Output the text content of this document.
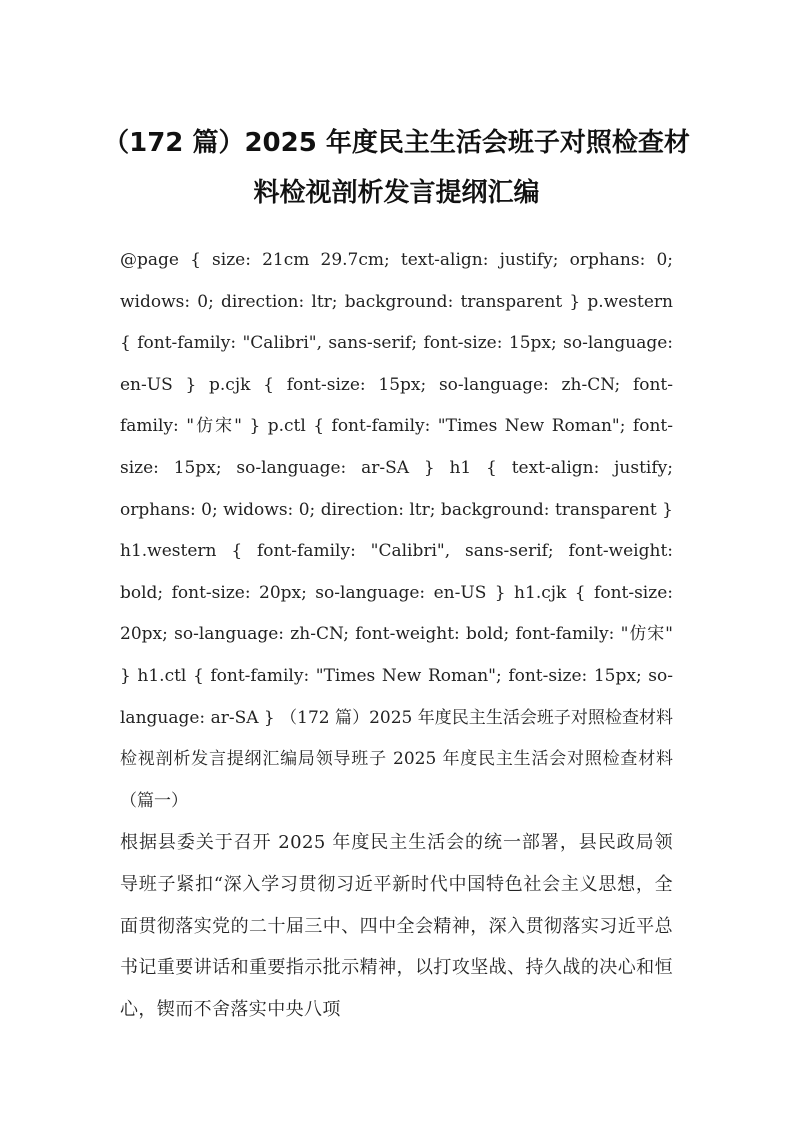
（172 篇）2025 年度民主生活会班子对照检查材料检视剖析发言提纲汇编

@page { size: 21cm 29.7cm; text-align: justify; orphans: 0; widows: 0; direction: ltr; background: transparent } p.western { font-family: "Calibri", sans-serif; font-size: 15px; so-language: en-US } p.cjk { font-size: 15px; so-language: zh-CN; font-family: "仿宋" } p.ctl { font-family: "Times New Roman"; font-size: 15px; so-language: ar-SA } h1 { text-align: justify; orphans: 0; widows: 0; direction: ltr; background: transparent } h1.western { font-family: "Calibri", sans-serif; font-weight: bold; font-size: 20px; so-language: en-US } h1.cjk { font-size: 20px; so-language: zh-CN; font-weight: bold; font-family: "仿宋" } h1.ctl { font-family: "Times New Roman"; font-size: 15px; so-language: ar-SA } （172 篇）2025 年度民主生活会班子对照检查材料检视剖析发言提纲汇编局领导班子 2025 年度民主生活会对照检查材料（篇一）

根据县委关于召开 2025 年度民主生活会的统一部署，县民政局领导班子紧扣“深入学习贯彻习近平新时代中国特色社会主义思想，全面贯彻落实党的二十届三中、四中全会精神，深入贯彻落实习近平总书记重要讲话和重要指示批示精神，以打攻坚战、持久战的决心和恒心，锲而不舍落实中央八项
